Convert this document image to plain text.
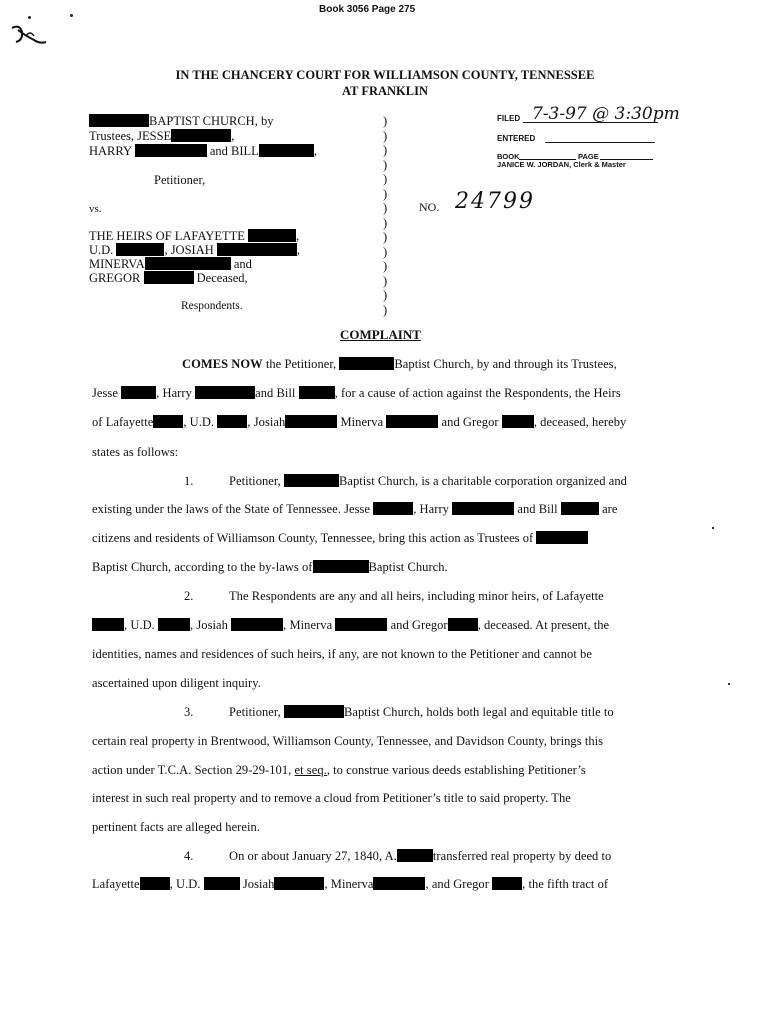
Book 3056 Page 275
IN THE CHANCERY COURT FOR WILLIAMSON COUNTY, TENNESSEE
AT FRANKLIN
BAPTIST CHURCH, by
Trustees, JESSE	,
HARRY	and BILL	,
Petitioner,
vs.
THE HEIRS OF LAFAYETTE	,
U.D.	, JOSIAH	,
MINERVA	and
GREGOR	Deceased,
Respondents.
)
)
)
)
)
)
)
)
)
)
)
)
)
)
FILED 7-3-97 @ 3:30pm
ENTERED
BOOK	PAGE
JANICE W. JORDAN, Clerk & Master
NO. 24799
COMPLAINT
COMES NOW the Petitioner,	Baptist Church, by and through its Trustees,
Jesse	, Harry	and Bill	, for a cause of action against the Respondents, the Heirs
of Lafayette , U.D.	, Josiah	Minerva	and Gregor	, deceased, hereby
states as follows:
1.	Petitioner,	Baptist Church, is a charitable corporation organized and
existing under the laws of the State of Tennessee. Jesse	, Harry	and Bill	are
citizens and residents of Williamson County, Tennessee, bring this action as Trustees of
Baptist Church, according to the by-laws of	Baptist Church.
2.	The Respondents are any and all heirs, including minor heirs, of Lafayette
, U.D.	, Josiah	, Minerva	and Gregor , deceased. At present, the
identities, names and residences of such heirs, if any, are not known to the Petitioner and cannot be
ascertained upon diligent inquiry.
3.	Petitioner,	Baptist Church, holds both legal and equitable title to
certain real property in Brentwood, Williamson County, Tennessee, and Davidson County, brings this
action under T.C.A. Section 29-29-101, et seq., to construe various deeds establishing Petitioner’s
interest in such real property and to remove a cloud from Petitioner’s title to said property. The
pertinent facts are alleged herein.
4.	On or about January 27, 1840, A.	transferred real property by deed to
Lafayette , U.D.	Josiah	, Minerva	, and Gregor	, the fifth tract of
